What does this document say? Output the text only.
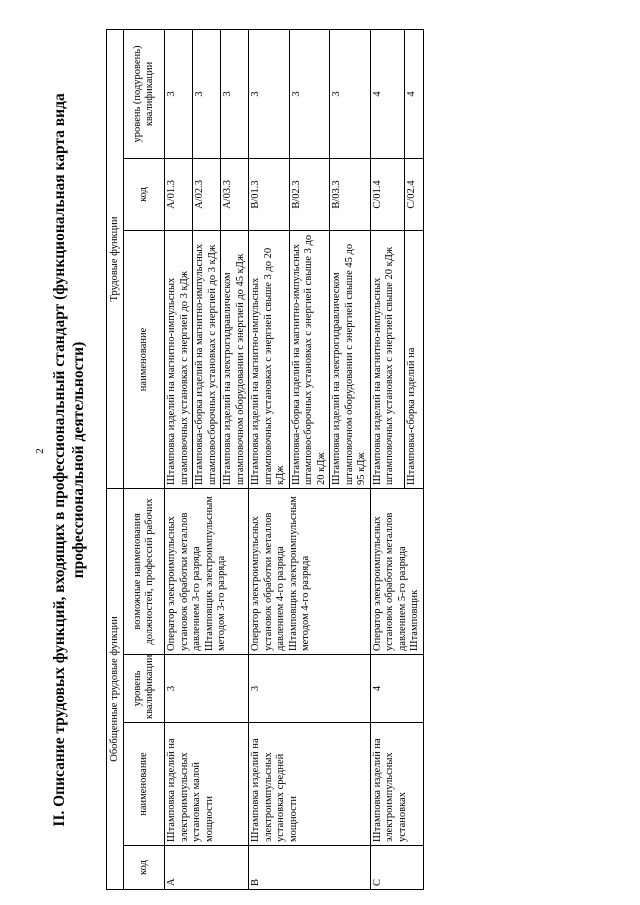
2 II. Описание трудовых функций, входящих в профессиональный стандарт (функциональная карта вида профессиональной деятельности)
Обобщенные трудовые функции				Трудовые функции		
код	наименование	уровень квалификации	возможные наименования должностей, профессий рабочих	наименование	код	уровень (подуровень) квалификации
A	Штамповка изделий на электроимпульсных установках малой мощности	3	Оператор электроимпульсных установок обработки металлов давлением 3-го разряда Штамповщик электроимпульсным методом 3-го разряда	Штамповка изделий на магнитно-импульсных штамповочных установках с энергией до 3 кДж	A/01.3	3
				Штамповка-сборка изделий на магнитно-импульсных штамповосборочных установках с энергией до 3 кДж	A/02.3	3
				Штамповка изделий на электрогидравлическом штамповочном оборудовании с энергией до 45 кДж	A/03.3	3
B	Штамповка изделий на электроимпульсных установках средней мощности	3	Оператор электроимпульсных установок обработки металлов давлением 4-го разряда Штамповщик электроимпульсным методом 4-го разряда	Штамповка изделий на магнитно-импульсных штамповочных установках с энергией свыше 3 до 20 кДж	B/01.3	3
				Штамповка-сборка изделий на магнитно-импульсных штамповосборочных установках с энергией свыше 3 до 20 кДж	B/02.3	3
				Штамповка изделий на электрогидравлическом штамповочном оборудовании с энергией свыше 45 до 95 кДж	B/03.3	3
C	Штамповка изделий на электроимпульсных установках	4	Оператор электроимпульсных установок обработки металлов давлением 5-го разряда Штамповщик	Штамповка изделий на магнитно-импульсных штамповочных установках с энергией свыше 20 кДж	C/01.4	4
				Штамповка-сборка изделий на	C/02.4	4
